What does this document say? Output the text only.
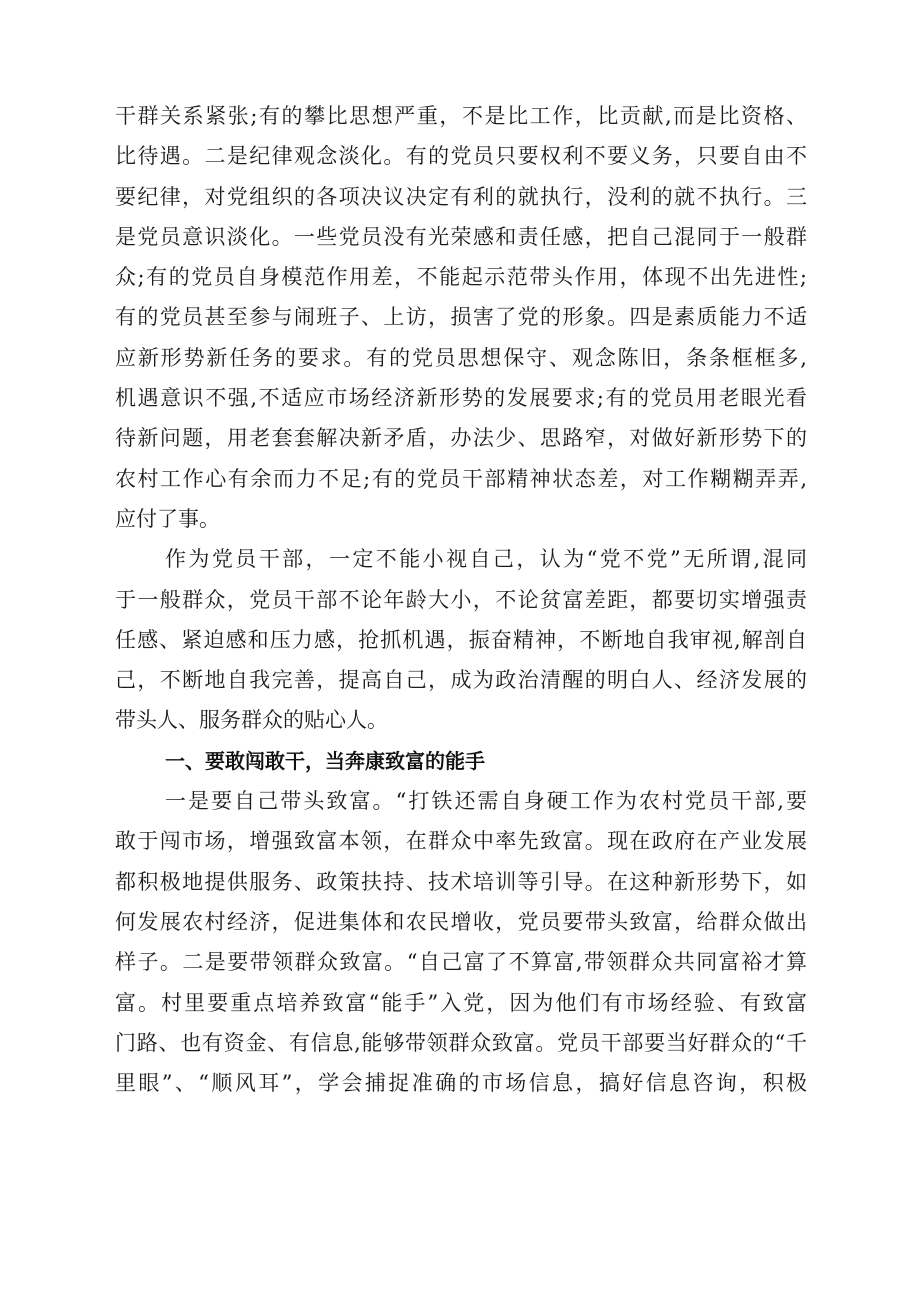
干群关系紧张;有的攀比思想严重，不是比工作，比贡献,而是比资格、
比待遇。二是纪律观念淡化。有的党员只要权利不要义务，只要自由不
要纪律，对党组织的各项决议决定有利的就执行，没利的就不执行。三
是党员意识淡化。一些党员没有光荣感和责任感，把自己混同于一般群
众;有的党员自身模范作用差，不能起示范带头作用，体现不出先进性;
有的党员甚至参与闹班子、上访，损害了党的形象。四是素质能力不适
应新形势新任务的要求。有的党员思想保守、观念陈旧，条条框框多,
机遇意识不强,不适应市场经济新形势的发展要求;有的党员用老眼光看
待新问题，用老套套解决新矛盾，办法少、思路窄，对做好新形势下的
农村工作心有余而力不足;有的党员干部精神状态差，对工作糊糊弄弄,
应付了事。
作为党员干部，一定不能小视自己，认为“党不党”无所谓,混同
于一般群众，党员干部不论年龄大小，不论贫富差距，都要切实增强责
任感、紧迫感和压力感，抢抓机遇，振奋精神，不断地自我审视,解剖自
己，不断地自我完善，提高自己，成为政治清醒的明白人、经济发展的
带头人、服务群众的贴心人。
一、要敢闯敢干，当奔康致富的能手
一是要自己带头致富。“打铁还需自身硬工作为农村党员干部,要
敢于闯市场，增强致富本领，在群众中率先致富。现在政府在产业发展
都积极地提供服务、政策扶持、技术培训等引导。在这种新形势下，如
何发展农村经济，促进集体和农民增收，党员要带头致富，给群众做出
样子。二是要带领群众致富。“自己富了不算富,带领群众共同富裕才算
富。村里要重点培养致富“能手”入党，因为他们有市场经验、有致富
门路、也有资金、有信息,能够带领群众致富。党员干部要当好群众的“千
里眼”、“顺风耳”，学会捕捉准确的市场信息，搞好信息咨询，积极
